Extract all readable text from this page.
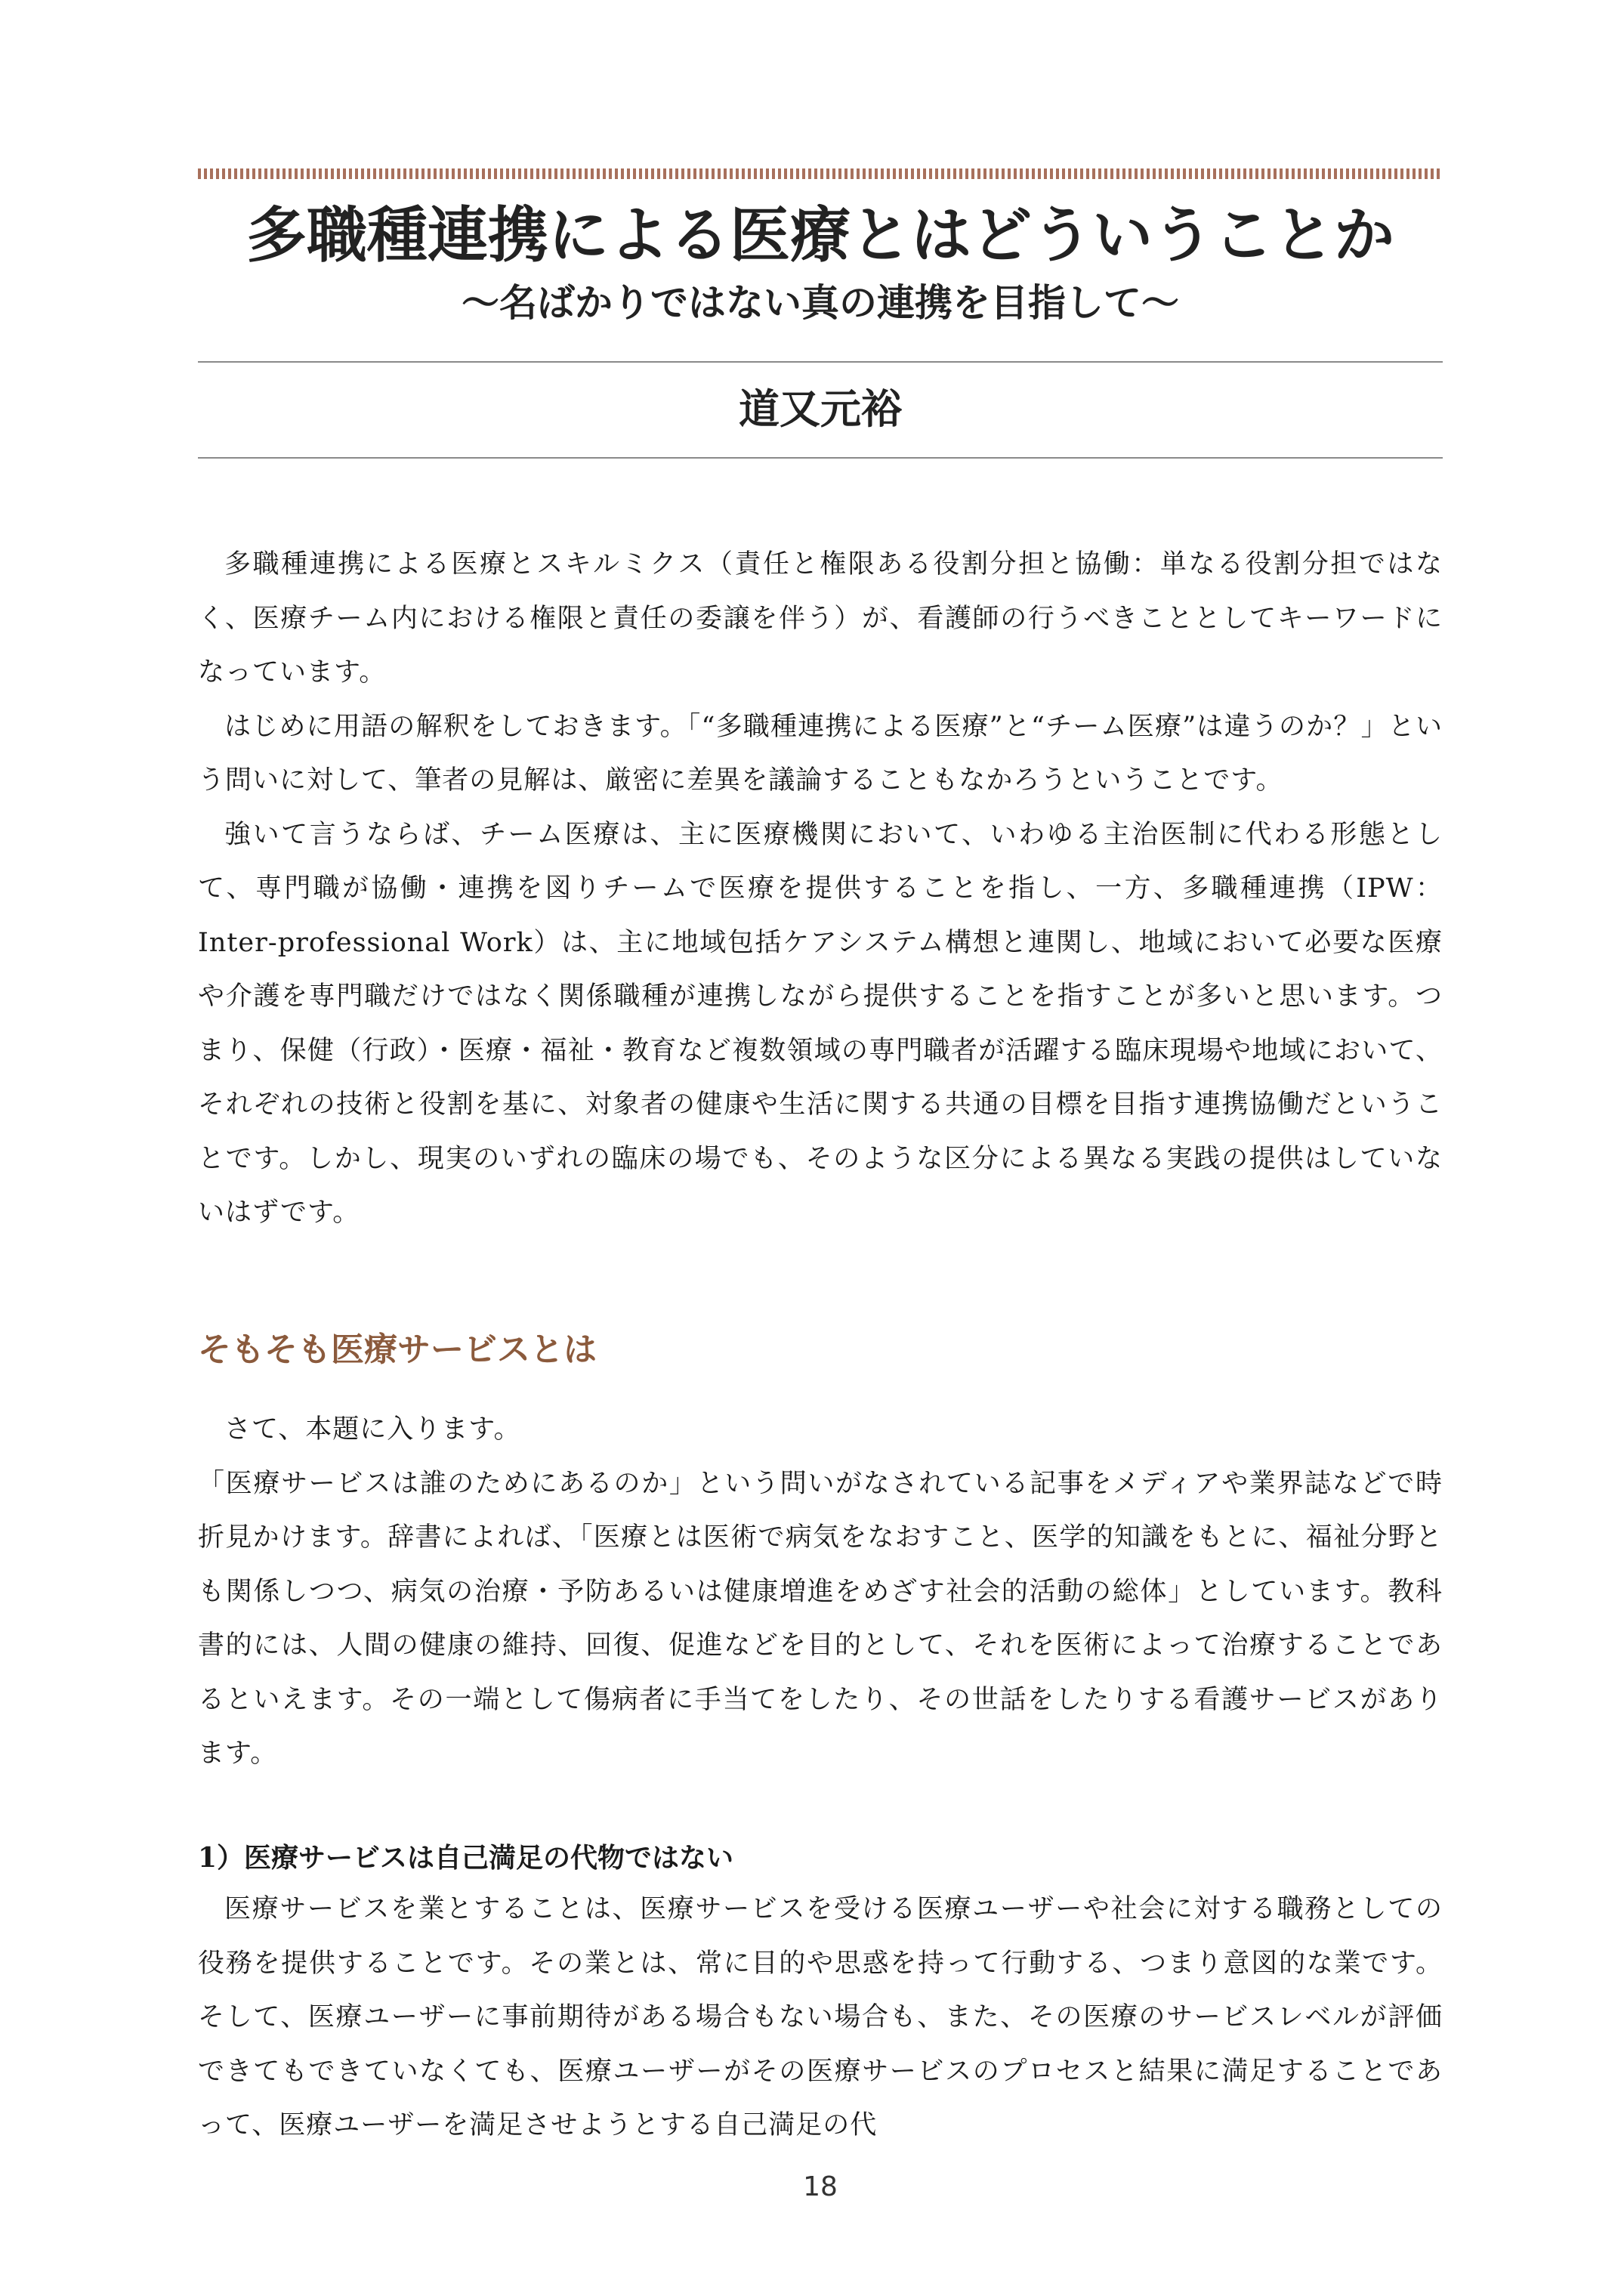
多職種連携による医療とはどういうことか
〜名ばかりではない真の連携を目指して〜
道又元裕

多職種連携による医療とスキルミクス（責任と権限ある役割分担と協働：単なる役割分担ではなく、医療チーム内における権限と責任の委譲を伴う）が、看護師の行うべきこととしてキーワードになっています。

はじめに用語の解釈をしておきます。「“多職種連携による医療”と“チーム医療”は違うのか？」という問いに対して、筆者の見解は、厳密に差異を議論することもなかろうということです。

強いて言うならば、チーム医療は、主に医療機関において、いわゆる主治医制に代わる形態として、専門職が協働・連携を図りチームで医療を提供することを指し、一方、多職種連携（IPW：Inter-professional Work）は、主に地域包括ケアシステム構想と連関し、地域において必要な医療や介護を専門職だけではなく関係職種が連携しながら提供することを指すことが多いと思います。つまり、保健（行政）・医療・福祉・教育など複数領域の専門職者が活躍する臨床現場や地域において、それぞれの技術と役割を基に、対象者の健康や生活に関する共通の目標を目指す連携協働だということです。しかし、現実のいずれの臨床の場でも、そのような区分による異なる実践の提供はしていないはずです。

そもそも医療サービスとは

さて、本題に入ります。

「医療サービスは誰のためにあるのか」という問いがなされている記事をメディアや業界誌などで時折見かけます。辞書によれば、「医療とは医術で病気をなおすこと、医学的知識をもとに、福祉分野とも関係しつつ、病気の治療・予防あるいは健康増進をめざす社会的活動の総体」としています。教科書的には、人間の健康の維持、回復、促進などを目的として、それを医術によって治療することであるといえます。その一端として傷病者に手当てをしたり、その世話をしたりする看護サービスがあります。

1）医療サービスは自己満足の代物ではない

医療サービスを業とすることは、医療サービスを受ける医療ユーザーや社会に対する職務としての役務を提供することです。その業とは、常に目的や思惑を持って行動する、つまり意図的な業です。そして、医療ユーザーに事前期待がある場合もない場合も、また、その医療のサービスレベルが評価できてもできていなくても、医療ユーザーがその医療サービスのプロセスと結果に満足することであって、医療ユーザーを満足させようとする自己満足の代

18
